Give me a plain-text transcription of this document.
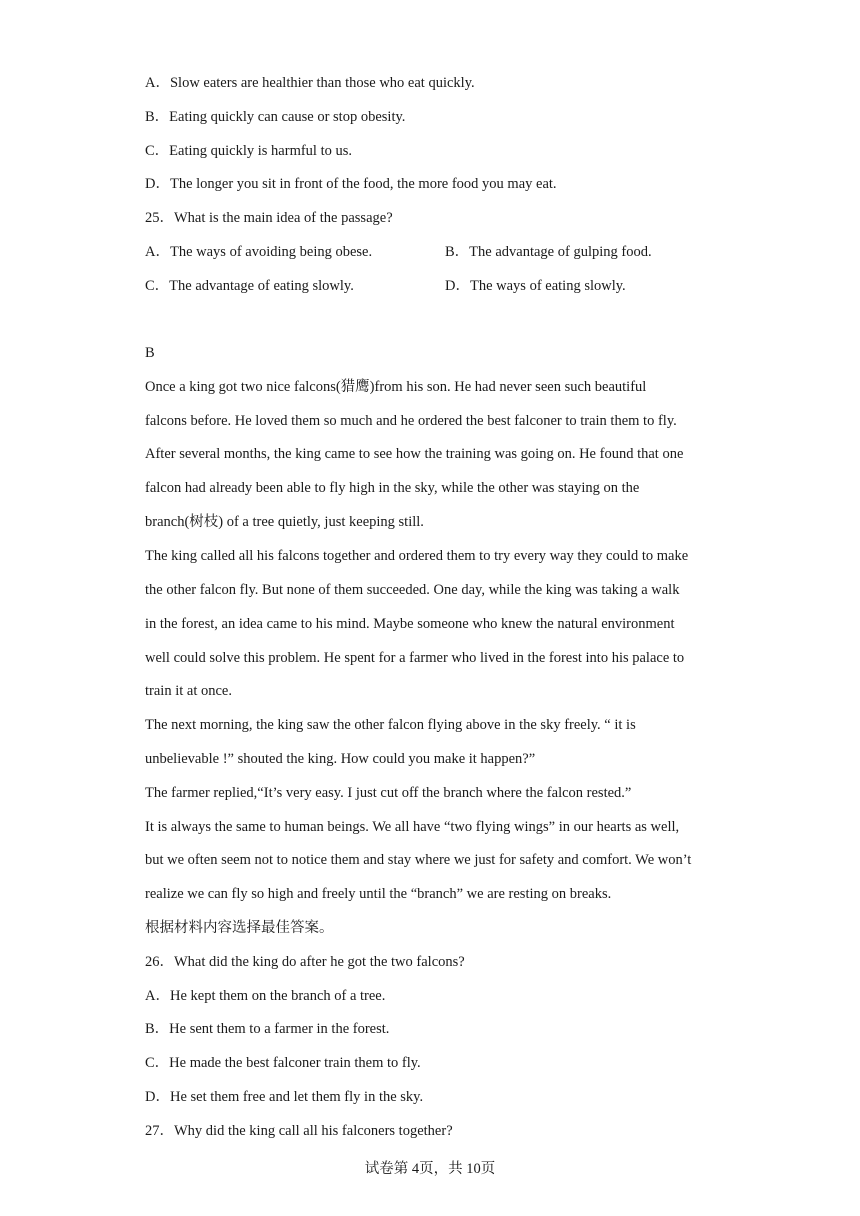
A．Slow eaters are healthier than those who eat quickly.
B．Eating quickly can cause or stop obesity.
C．Eating quickly is harmful to us.
D．The longer you sit in front of the food, the more food you may eat.
25．What is the main idea of the passage?
A．The ways of avoiding being obese.	B．The advantage of gulping food.
C．The advantage of eating slowly.	D．The ways of eating slowly.
B
Once a king got two nice falcons(猎鹰)from his son. He had never seen such beautiful
falcons before. He loved them so much and he ordered the best falconer to train them to fly.
After several months, the king came to see how the training was going on. He found that one
falcon had already been able to fly high in the sky, while the other was staying on the
branch(树枝) of a tree quietly, just keeping still.
The king called all his falcons together and ordered them to try every way they could to make
the other falcon fly. But none of them succeeded. One day, while the king was taking a walk
in the forest, an idea came to his mind. Maybe someone who knew the natural environment
well could solve this problem. He spent for a farmer who lived in the forest into his palace to
train it at once.
The next morning, the king saw the other falcon flying above in the sky freely. “ it is
unbelievable !” shouted the king. How could you make it happen?”
The farmer replied,“It’s very easy. I just cut off the branch where the falcon rested.”
It is always the same to human beings. We all have “two flying wings” in our hearts as well,
but we often seem not to notice them and stay where we just for safety and comfort. We won’t
realize we can fly so high and freely until the “branch” we are resting on breaks.
根据材料内容选择最佳答案。
26．What did the king do after he got the two falcons?
A．He kept them on the branch of a tree.
B．He sent them to a farmer in the forest.
C．He made the best falconer train them to fly.
D．He set them free and let them fly in the sky.
27．Why did the king call all his falconers together?
试卷第 4页，共 10页
